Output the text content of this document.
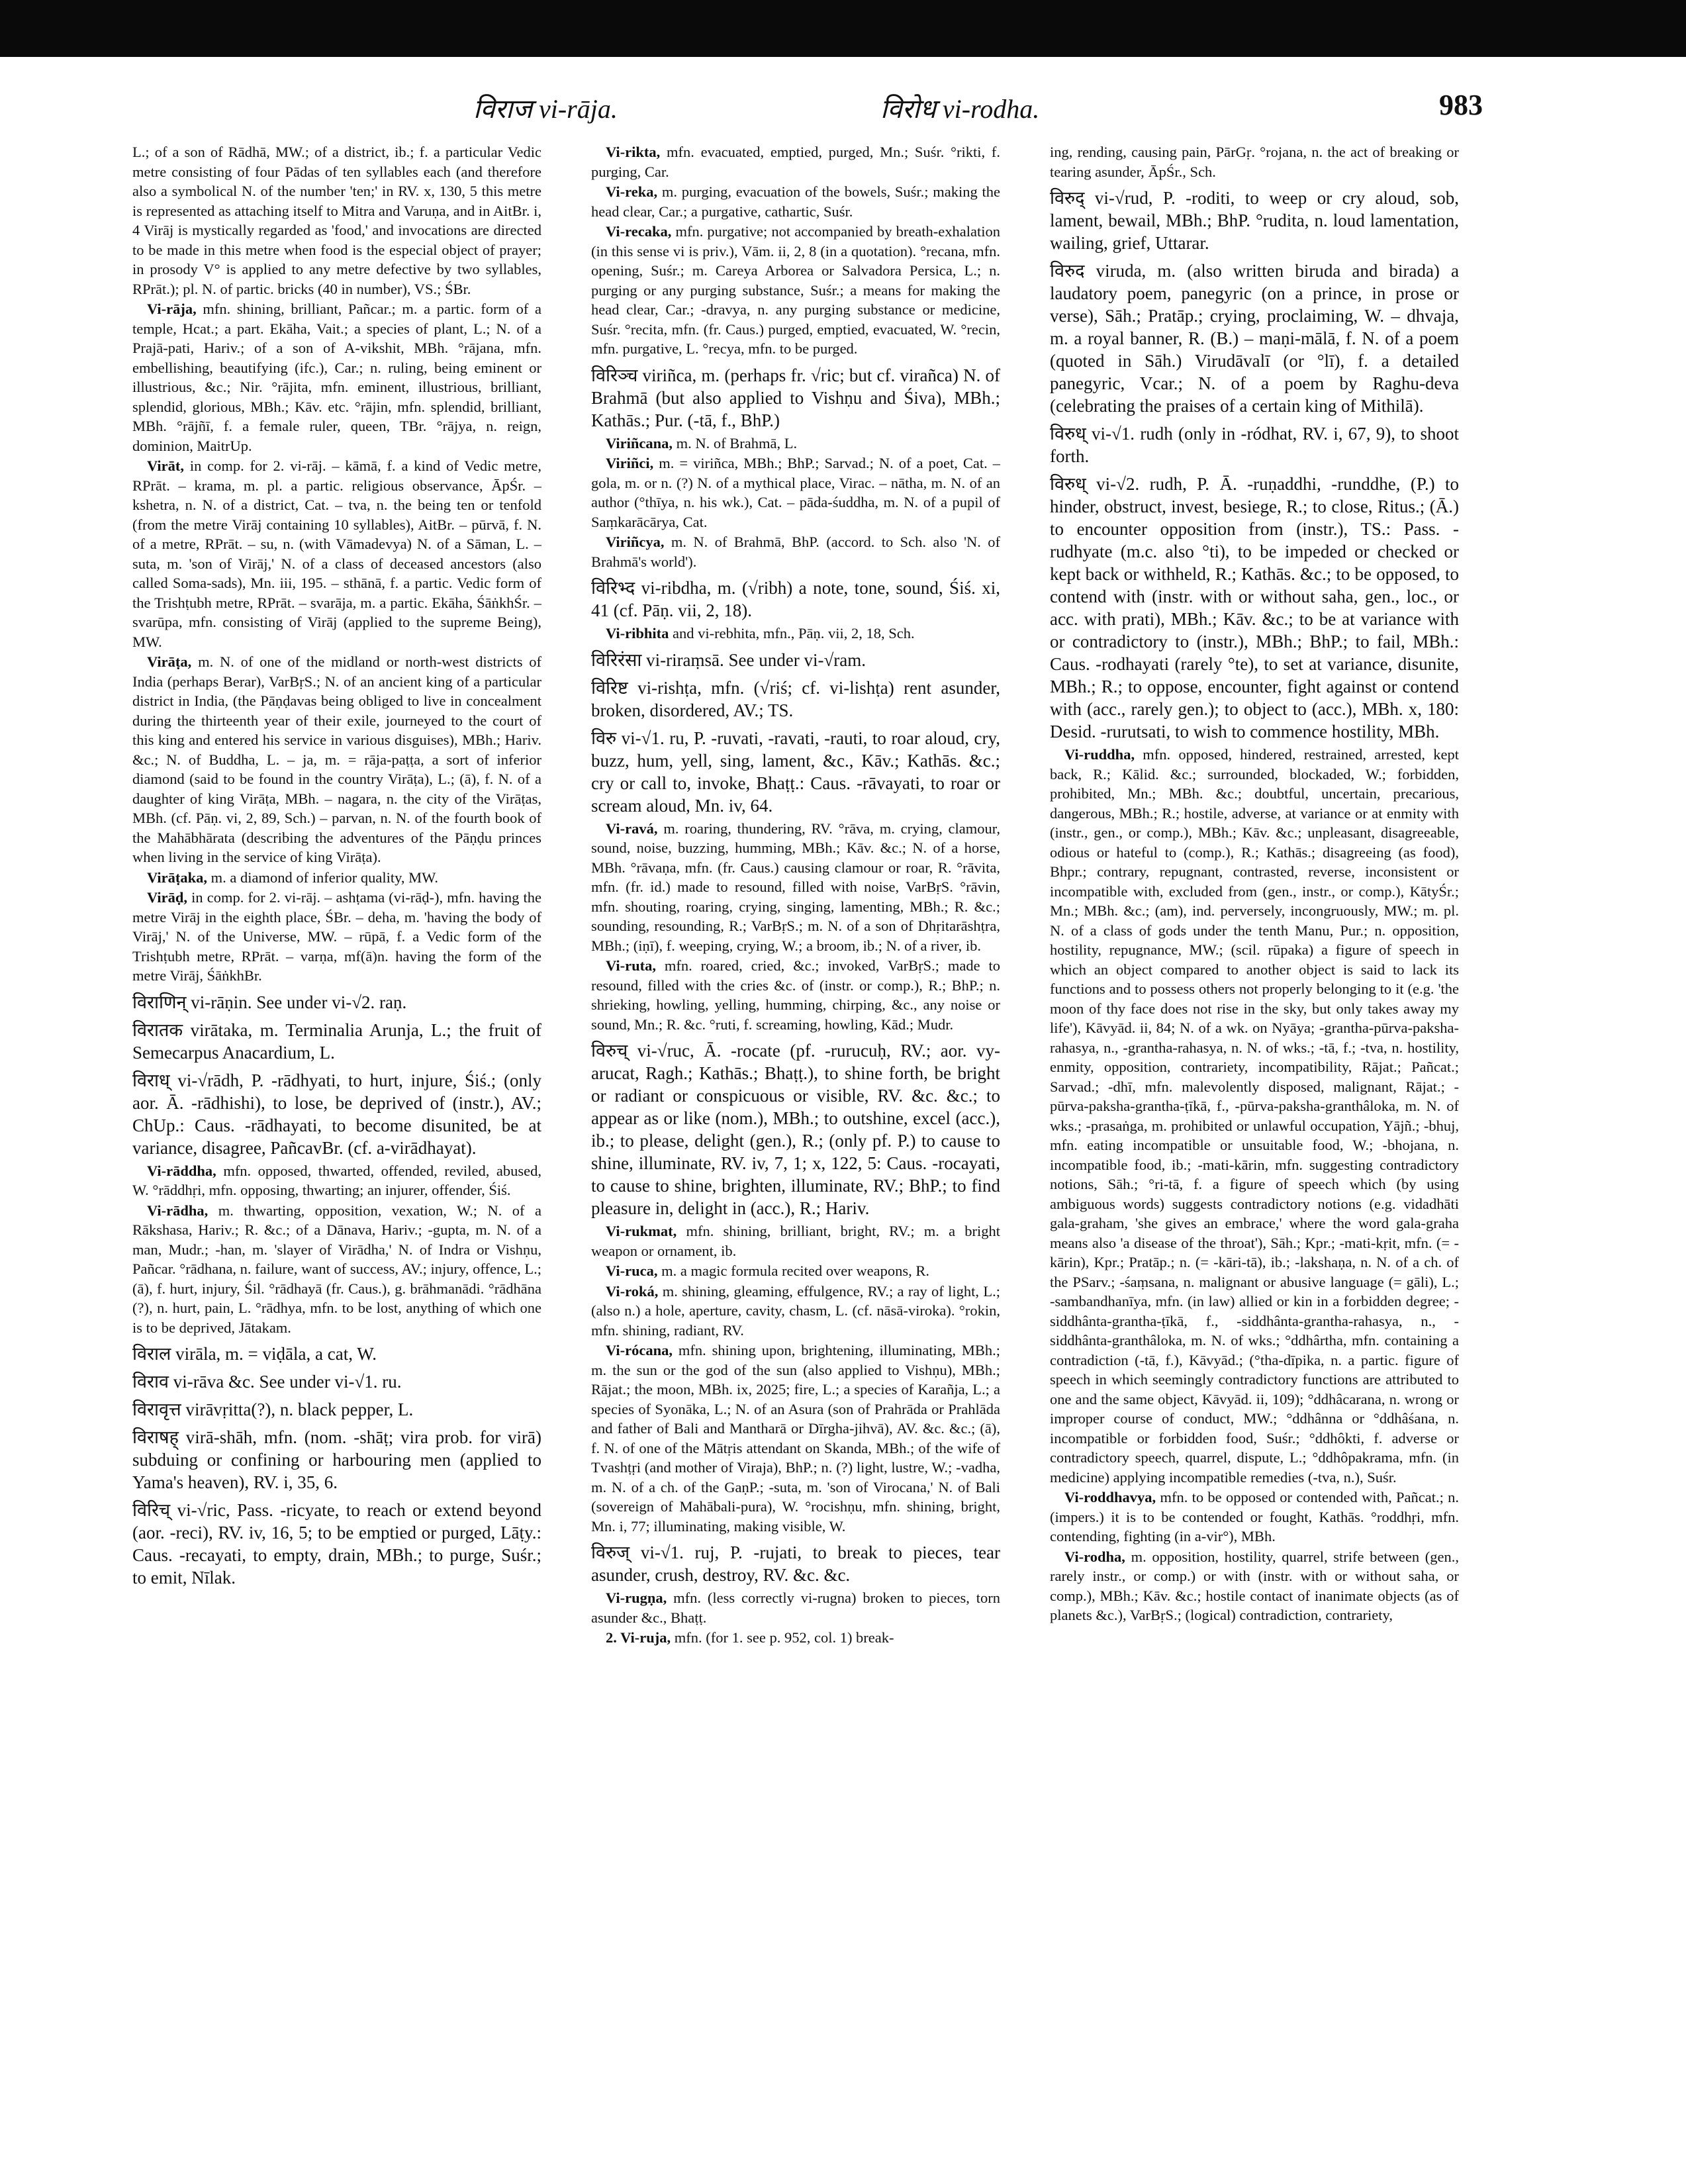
विराज vi-rāja.	विरोध vi-rodha.	983

L.; of a son of Rādhā, MW.; of a district, ib.; f. a particular Vedic metre consisting of four Pādas of ten syllables each (and therefore also a symbolical N. of the number 'ten;' in RV. x, 130, 5 this metre is represented as attaching itself to Mitra and Varuṇa, and in AitBr. i, 4 Virāj is mystically regarded as 'food,' and invocations are directed to be made in this metre when food is the especial object of prayer; in prosody V° is applied to any metre defective by two syllables, RPrāt.); pl. N. of partic. bricks (40 in number), VS.; ŚBr.

Vi-rāja, mfn. shining, brilliant, Pañcar.; m. a partic. form of a temple, Hcat.; a part. Ekāha, Vait.; a species of plant, L.; N. of a Prajā-pati, Hariv.; of a son of A-vikshit, MBh. °rājana, mfn. embellishing, beautifying (ifc.), Car.; n. ruling, being eminent or illustrious, &c.; Nir. °rājita, mfn. eminent, illustrious, brilliant, splendid, glorious, MBh.; Kāv. etc. °rājin, mfn. splendid, brilliant, MBh. °rājñī, f. a female ruler, queen, TBr. °rājya, n. reign, dominion, MaitrUp.

Virāt, in comp. for 2. vi-rāj. – kāmā, f. a kind of Vedic metre, RPrāt. – krama, m. pl. a partic. religious observance, ĀpŚr. – kshetra, n. N. of a district, Cat. – tva, n. the being ten or tenfold (from the metre Virāj containing 10 syllables), AitBr. – pūrvā, f. N. of a metre, RPrāt. – su, n. (with Vāmadevya) N. of a Sāman, L. – suta, m. 'son of Virāj,' N. of a class of deceased ancestors (also called Soma-sads), Mn. iii, 195. – sthānā, f. a partic. Vedic form of the Trishṭubh metre, RPrāt. – svarāja, m. a partic. Ekāha, ŚāṅkhŚr. – svarūpa, mfn. consisting of Virāj (applied to the supreme Being), MW.

Virāṭa, m. N. of one of the midland or north-west districts of India (perhaps Berar), VarBṛS.; N. of an ancient king of a particular district in India, (the Pāṇḍavas being obliged to live in concealment during the thirteenth year of their exile, journeyed to the court of this king and entered his service in various disguises), MBh.; Hariv. &c.; N. of Buddha, L. – ja, m. = rāja-paṭṭa, a sort of inferior diamond (said to be found in the country Virāṭa), L.; (ā), f. N. of a daughter of king Virāṭa, MBh. – nagara, n. the city of the Virāṭas, MBh. (cf. Pāṇ. vi, 2, 89, Sch.) – parvan, n. N. of the fourth book of the Mahābhārata (describing the adventures of the Pāṇḍu princes when living in the service of king Virāṭa).

Virāṭaka, m. a diamond of inferior quality, MW.

Virāḍ, in comp. for 2. vi-rāj. – ashṭama (vi-rāḍ-), mfn. having the metre Virāj in the eighth place, ŚBr. – deha, m. 'having the body of Virāj,' N. of the Universe, MW. – rūpā, f. a Vedic form of the Trishṭubh metre, RPrāt. – varṇa, mf(ā)n. having the form of the metre Virāj, ŚāṅkhBr.

विराणिन् vi-rāṇin. See under vi-√2. raṇ.

विरातक virātaka, m. Terminalia Arunja, L.; the fruit of Semecarpus Anacardium, L.

विराध् vi-√rādh, P. -rādhyati, to hurt, injure, Śiś.; (only aor. Ā. -rādhishi), to lose, be deprived of (instr.), AV.; ChUp.: Caus. -rādhayati, to become disunited, be at variance, disagree, PañcavBr. (cf. a-virādhayat).

Vi-rāddha, mfn. opposed, thwarted, offended, reviled, abused, W. °rāddhṛi, mfn. opposing, thwarting; an injurer, offender, Śiś.

Vi-rādha, m. thwarting, opposition, vexation, W.; N. of a Rākshasa, Hariv.; R. &c.; of a Dānava, Hariv.; -gupta, m. N. of a man, Mudr.; -han, m. 'slayer of Virādha,' N. of Indra or Vishṇu, Pañcar. °rādhana, n. failure, want of success, AV.; injury, offence, L.; (ā), f. hurt, injury, Śil. °rādhayā (fr. Caus.), g. brāhmanādi. °rādhāna (?), n. hurt, pain, L. °rādhya, mfn. to be lost, anything of which one is to be deprived, Jātakam.

विराल virāla, m. = viḍāla, a cat, W.

विराव vi-rāva &c. See under vi-√1. ru.

विरावृत्त virāvṛitta(?), n. black pepper, L.

विराषह् virā-shāh, mfn. (nom. -shāṭ; vira prob. for virā) subduing or confining or harbouring men (applied to Yama's heaven), RV. i, 35, 6.

विरिच् vi-√ric, Pass. -ricyate, to reach or extend beyond (aor. -reci), RV. iv, 16, 5; to be emptied or purged, Lāṭy.: Caus. -recayati, to empty, drain, MBh.; to purge, Suśr.; to emit, Nīlak.

Vi-rikta, mfn. evacuated, emptied, purged, Mn.; Suśr. °rikti, f. purging, Car.

Vi-reka, m. purging, evacuation of the bowels, Suśr.; making the head clear, Car.; a purgative, cathartic, Suśr.

Vi-recaka, mfn. purgative; not accompanied by breath-exhalation (in this sense vi is priv.), Vām. ii, 2, 8 (in a quotation). °recana, mfn. opening, Suśr.; m. Careya Arborea or Salvadora Persica, L.; n. purging or any purging substance, Suśr.; a means for making the head clear, Car.; -dravya, n. any purging substance or medicine, Suśr. °recita, mfn. (fr. Caus.) purged, emptied, evacuated, W. °recin, mfn. purgative, L. °recya, mfn. to be purged.

विरिञ्च viriñca, m. (perhaps fr. √ric; but cf. virañca) N. of Brahmā (but also applied to Vishṇu and Śiva), MBh.; Kathās.; Pur. (-tā, f., BhP.)

Viriñcana, m. N. of Brahmā, L.

Viriñci, m. = viriñca, MBh.; BhP.; Sarvad.; N. of a poet, Cat. – gola, m. or n. (?) N. of a mythical place, Virac. – nātha, m. N. of an author (°thīya, n. his wk.), Cat. – pāda-śuddha, m. N. of a pupil of Saṃkarācārya, Cat.

Viriñcya, m. N. of Brahmā, BhP. (accord. to Sch. also 'N. of Brahmā's world').

विरिभ्द vi-ribdha, m. (√ribh) a note, tone, sound, Śiś. xi, 41 (cf. Pāṇ. vii, 2, 18).

Vi-ribhita and vi-rebhita, mfn., Pāṇ. vii, 2, 18, Sch.

विरिरंसा vi-riraṃsā. See under vi-√ram.

विरिष्ट vi-rishṭa, mfn. (√riś; cf. vi-lishṭa) rent asunder, broken, disordered, AV.; TS.

विरु vi-√1. ru, P. -ruvati, -ravati, -rauti, to roar aloud, cry, buzz, hum, yell, sing, lament, &c., Kāv.; Kathās. &c.; cry or call to, invoke, Bhaṭṭ.: Caus. -rāvayati, to roar or scream aloud, Mn. iv, 64.

Vi-ravá, m. roaring, thundering, RV. °rāva, m. crying, clamour, sound, noise, buzzing, humming, MBh.; Kāv. &c.; N. of a horse, MBh. °rāvaṇa, mfn. (fr. Caus.) causing clamour or roar, R. °rāvita, mfn. (fr. id.) made to resound, filled with noise, VarBṛS. °rāvin, mfn. shouting, roaring, crying, singing, lamenting, MBh.; R. &c.; sounding, resounding, R.; VarBṛS.; m. N. of a son of Dhṛitarāshṭra, MBh.; (iṇī), f. weeping, crying, W.; a broom, ib.; N. of a river, ib.

Vi-ruta, mfn. roared, cried, &c.; invoked, VarBṛS.; made to resound, filled with the cries &c. of (instr. or comp.), R.; BhP.; n. shrieking, howling, yelling, humming, chirping, &c., any noise or sound, Mn.; R. &c. °ruti, f. screaming, howling, Kād.; Mudr.

विरुच् vi-√ruc, Ā. -rocate (pf. -rurucuḥ, RV.; aor. vy-arucat, Ragh.; Kathās.; Bhaṭṭ.), to shine forth, be bright or radiant or conspicuous or visible, RV. &c. &c.; to appear as or like (nom.), MBh.; to outshine, excel (acc.), ib.; to please, delight (gen.), R.; (only pf. P.) to cause to shine, illuminate, RV. iv, 7, 1; x, 122, 5: Caus. -rocayati, to cause to shine, brighten, illuminate, RV.; BhP.; to find pleasure in, delight in (acc.), R.; Hariv.

Vi-rukmat, mfn. shining, brilliant, bright, RV.; m. a bright weapon or ornament, ib.

Vi-ruca, m. a magic formula recited over weapons, R.

Vi-roká, m. shining, gleaming, effulgence, RV.; a ray of light, L.; (also n.) a hole, aperture, cavity, chasm, L. (cf. nāsā-viroka). °rokin, mfn. shining, radiant, RV.

Vi-rócana, mfn. shining upon, brightening, illuminating, MBh.; m. the sun or the god of the sun (also applied to Vishṇu), MBh.; Rājat.; the moon, MBh. ix, 2025; fire, L.; a species of Karañja, L.; a species of Syonāka, L.; N. of an Asura (son of Prahrāda or Prahlāda and father of Bali and Mantharā or Dīrgha-jihvā), AV. &c. &c.; (ā), f. N. of one of the Mātṛis attendant on Skanda, MBh.; of the wife of Tvashṭṛi (and mother of Viraja), BhP.; n. (?) light, lustre, W.; -vadha, m. N. of a ch. of the GaṇP.; -suta, m. 'son of Virocana,' N. of Bali (sovereign of Mahābali-pura), W. °rocishṇu, mfn. shining, bright, Mn. i, 77; illuminating, making visible, W.

विरुज् vi-√1. ruj, P. -rujati, to break to pieces, tear asunder, crush, destroy, RV. &c. &c.

Vi-rugṇa, mfn. (less correctly vi-rugna) broken to pieces, torn asunder &c., Bhaṭṭ.

2. Vi-ruja, mfn. (for 1. see p. 952, col. 1) break-

ing, rending, causing pain, PārGṛ. °rojana, n. the act of breaking or tearing asunder, ĀpŚr., Sch.

विरुद् vi-√rud, P. -roditi, to weep or cry aloud, sob, lament, bewail, MBh.; BhP. °rudita, n. loud lamentation, wailing, grief, Uttarar.

विरुद viruda, m. (also written biruda and birada) a laudatory poem, panegyric (on a prince, in prose or verse), Sāh.; Pratāp.; crying, proclaiming, W. – dhvaja, m. a royal banner, R. (B.) – maṇi-mālā, f. N. of a poem (quoted in Sāh.) Virudāvalī (or °lī), f. a detailed panegyric, Vcar.; N. of a poem by Raghu-deva (celebrating the praises of a certain king of Mithilā).

विरुध् vi-√1. rudh (only in -ródhat, RV. i, 67, 9), to shoot forth.

विरुध् vi-√2. rudh, P. Ā. -ruṇaddhi, -runddhe, (P.) to hinder, obstruct, invest, besiege, R.; to close, Ritus.; (Ā.) to encounter opposition from (instr.), TS.: Pass. -rudhyate (m.c. also °ti), to be impeded or checked or kept back or withheld, R.; Kathās. &c.; to be opposed, to contend with (instr. with or without saha, gen., loc., or acc. with prati), MBh.; Kāv. &c.; to be at variance with or contradictory to (instr.), MBh.; BhP.; to fail, MBh.: Caus. -rodhayati (rarely °te), to set at variance, disunite, MBh.; R.; to oppose, encounter, fight against or contend with (acc., rarely gen.); to object to (acc.), MBh. x, 180: Desid. -rurutsati, to wish to commence hostility, MBh.

Vi-ruddha, mfn. opposed, hindered, restrained, arrested, kept back, R.; Kālid. &c.; surrounded, blockaded, W.; forbidden, prohibited, Mn.; MBh. &c.; doubtful, uncertain, precarious, dangerous, MBh.; R.; hostile, adverse, at variance or at enmity with (instr., gen., or comp.), MBh.; Kāv. &c.; unpleasant, disagreeable, odious or hateful to (comp.), R.; Kathās.; disagreeing (as food), Bhpr.; contrary, repugnant, contrasted, reverse, inconsistent or incompatible with, excluded from (gen., instr., or comp.), KātyŚr.; Mn.; MBh. &c.; (am), ind. perversely, incongruously, MW.; m. pl. N. of a class of gods under the tenth Manu, Pur.; n. opposition, hostility, repugnance, MW.; (scil. rūpaka) a figure of speech in which an object compared to another object is said to lack its functions and to possess others not properly belonging to it (e.g. 'the moon of thy face does not rise in the sky, but only takes away my life'), Kāvyād. ii, 84; N. of a wk. on Nyāya; -grantha-pūrva-paksha-rahasya, n., -grantha-rahasya, n. N. of wks.; -tā, f.; -tva, n. hostility, enmity, opposition, contrariety, incompatibility, Rājat.; Pañcat.; Sarvad.; -dhī, mfn. malevolently disposed, malignant, Rājat.; -pūrva-paksha-grantha-ṭīkā, f., -pūrva-paksha-granthâloka, m. N. of wks.; -prasaṅga, m. prohibited or unlawful occupation, Yājñ.; -bhuj, mfn. eating incompatible or unsuitable food, W.; -bhojana, n. incompatible food, ib.; -mati-kārin, mfn. suggesting contradictory notions, Sāh.; °ri-tā, f. a figure of speech which (by using ambiguous words) suggests contradictory notions (e.g. vidadhāti gala-graham, 'she gives an embrace,' where the word gala-graha means also 'a disease of the throat'), Sāh.; Kpr.; -mati-kṛit, mfn. (= -kārin), Kpr.; Pratāp.; n. (= -kāri-tā), ib.; -lakshaṇa, n. N. of a ch. of the PSarv.; -śaṃsana, n. malignant or abusive language (= gāli), L.; -sambandhanīya, mfn. (in law) allied or kin in a forbidden degree; -siddhânta-grantha-ṭīkā, f., -siddhânta-grantha-rahasya, n., -siddhânta-granthâloka, m. N. of wks.; °ddhârtha, mfn. containing a contradiction (-tā, f.), Kāvyād.; (°tha-dīpika, n. a partic. figure of speech in which seemingly contradictory functions are attributed to one and the same object, Kāvyād. ii, 109); °ddhâcarana, n. wrong or improper course of conduct, MW.; °ddhânna or °ddhâśana, n. incompatible or forbidden food, Suśr.; °ddhôkti, f. adverse or contradictory speech, quarrel, dispute, L.; °ddhôpakrama, mfn. (in medicine) applying incompatible remedies (-tva, n.), Suśr.

Vi-roddhavya, mfn. to be opposed or contended with, Pañcat.; n. (impers.) it is to be contended or fought, Kathās. °roddhṛi, mfn. contending, fighting (in a-vir°), MBh.

Vi-rodha, m. opposition, hostility, quarrel, strife between (gen., rarely instr., or comp.) or with (instr. with or without saha, or comp.), MBh.; Kāv. &c.; hostile contact of inanimate objects (as of planets &c.), VarBṛS.; (logical) contradiction, contrariety,
